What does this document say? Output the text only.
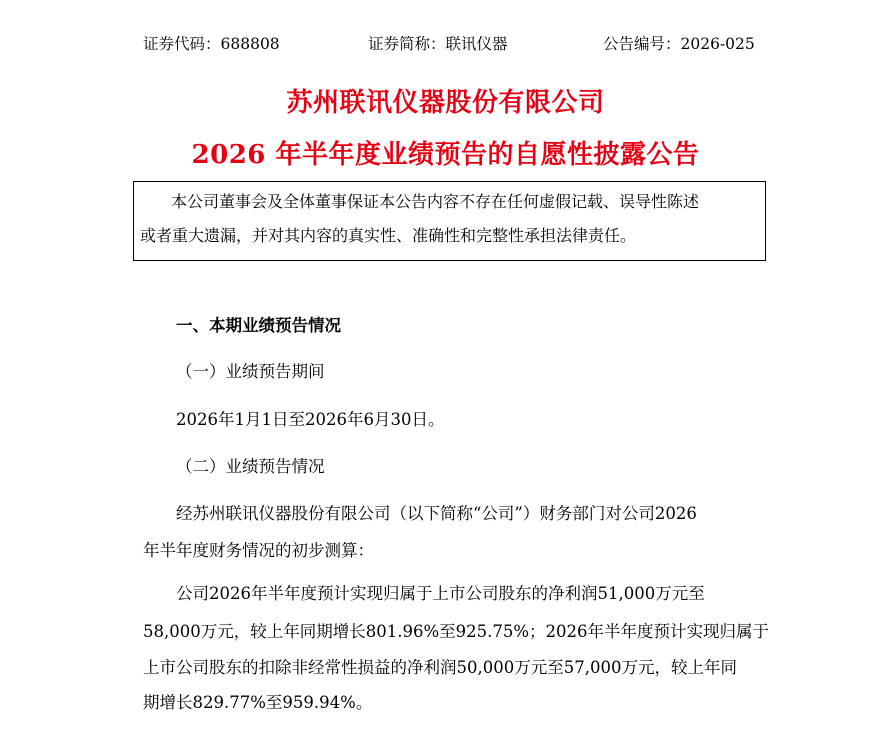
证券代码：688808	证券简称：联讯仪器	公告编号：2026-025
苏州联讯仪器股份有限公司
2026 年半年度业绩预告的自愿性披露公告

本公司董事会及全体董事保证本公告内容不存在任何虚假记载、误导性陈述

或者重大遗漏，并对其内容的真实性、准确性和完整性承担法律责任。

一、本期业绩预告情况

（一）业绩预告期间

2026年1月1日至2026年6月30日。

（二）业绩预告情况

经苏州联讯仪器股份有限公司（以下简称“公司”）财务部门对公司2026

年半年度财务情况的初步测算：

公司2026年半年度预计实现归属于上市公司股东的净利润51,000万元至

58,000万元，较上年同期增长801.96%至925.75%；2026年半年度预计实现归属于

上市公司股东的扣除非经常性损益的净利润50,000万元至57,000万元，较上年同

期增长829.77%至959.94%。
